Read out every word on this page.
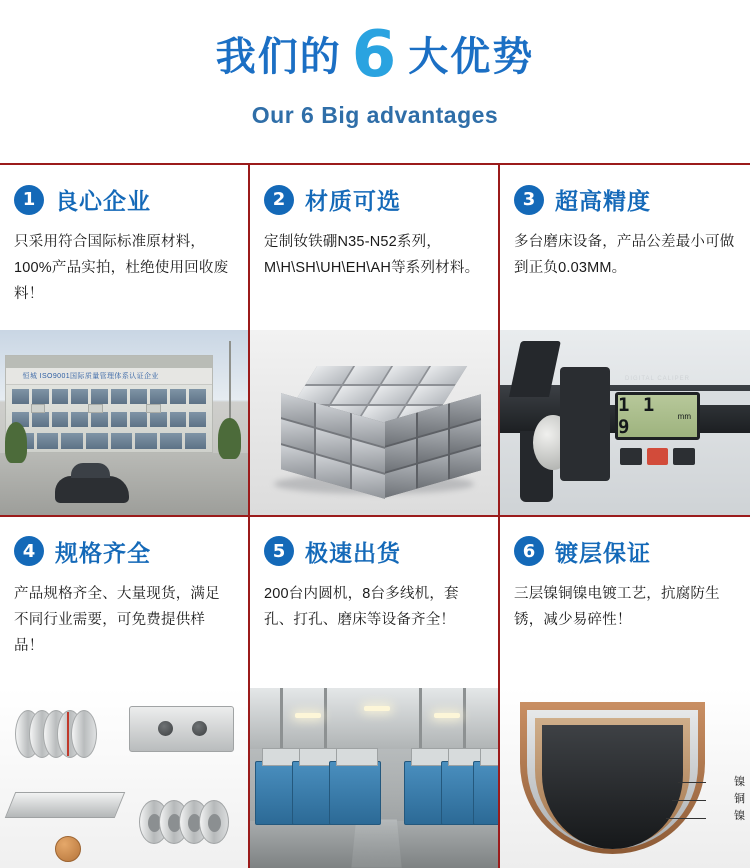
我们的 6 大优势
Our 6 Big advantages
1 良心企业
只采用符合国际标准原材料，100%产品实拍，杜绝使用回收废料！
恒城 ISO9001国际质量管理体系认证企业
2 材质可选
定制钕铁硼N35-N52系列，M\H\SH\UH\EH\AH等系列材料。
3 超高精度
多台磨床设备，产品公差最小可做到正负0.03MM。
DIGITAL CALIPER
1 1 9	mm
4 规格齐全
产品规格齐全、大量现货，满足不同行业需要，可免费提供样品！
5 极速出货
200台内圆机，8台多线机，套孔、打孔、磨床等设备齐全！
6 镀层保证
三层镍铜镍电镀工艺，抗腐防生锈，减少易碎性！
镍
铜
镍
